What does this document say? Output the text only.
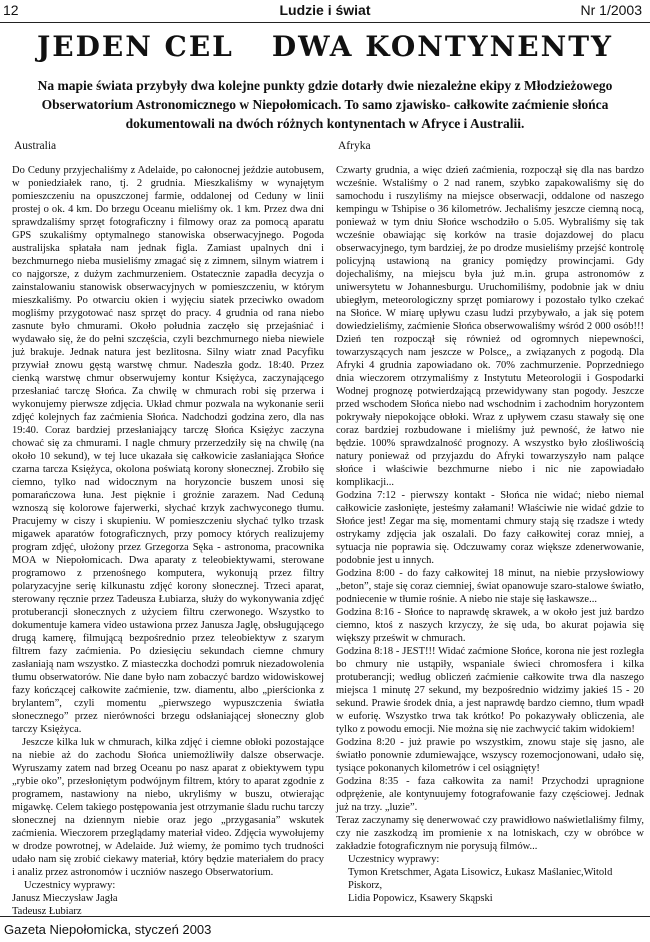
12	Ludzie i świat	Nr 1/2003
JEDEN CEL DWA KONTYNENTY
Na mapie świata przybyły dwa kolejne punkty gdzie dotarły dwie niezależne ekipy z Młodzieżowego Obserwatorium Astronomicznego w Niepołomicach. To samo zjawisko- całkowite zaćmienie słońca dokumentowali na dwóch różnych kontynentach w Afryce i Australii.
Australia	Afryka

Do Ceduny przyjechaliśmy z Adelaide, po całonocnej jeździe autobusem, w poniedziałek rano, tj. 2 grudnia. Mieszkaliśmy w wynajętym pomieszczeniu na opuszczonej farmie, oddalonej od Ceduny w linii prostej o ok. 4 km. Do brzegu Oceanu mieliśmy ok. 1 km. Przez dwa dni sprawdzaliśmy sprzęt fotograficzny i filmowy oraz za pomocą aparatu GPS szukaliśmy optymalnego stanowiska obserwacyjnego. Pogoda australijska spłatała nam jednak figla. Zamiast upalnych dni i bezchmurnego nieba musieliśmy zmagać się z zimnem, silnym wiatrem i co najgorsze, z dużym zachmurzeniem. Ostatecznie zapadła decyzja o zainstalowaniu stanowisk obserwacyjnych w pomieszczeniu, w którym mieszkaliśmy. Po otwarciu okien i wyjęciu siatek przeciwko owadom mogliśmy przygotować nasz sprzęt do pracy. 4 grudnia od rana niebo zasnute było chmurami. Około południa zaczęło się przejaśniać i wydawało się, że do pełni szczęścia, czyli bezchmurnego nieba niewiele już brakuje. Jednak natura jest bezlitosna. Silny wiatr znad Pacyfiku przywiał znowu gęstą warstwę chmur. Nadeszła godz. 18:40. Przez cienką warstwę chmur obserwujemy kontur Księżyca, zaczynającego przesłaniać tarczę Słońca. Za chwilę w chmurach robi się przerwa i wykonujemy pierwsze zdjęcia. Układ chmur pozwala na wykonanie serii zdjęć kolejnych faz zaćmienia Słońca. Nadchodzi godzina zero, dla nas 19:40. Coraz bardziej przesłaniający tarczę Słońca Księżyc zaczyna chować się za chmurami. I nagle chmury przerzedziły się na chwilę (na około 10 sekund), w tej luce ukazała się całkowicie zasłaniająca Słońce czarna tarcza Księżyca, okolona poświatą korony słonecznej. Zrobiło się ciemno, tylko nad widocznym na horyzoncie buszem unosi się pomarańczowa łuna. Jest pięknie i groźnie zarazem. Nad Ceduną wznoszą się kolorowe fajerwerki, słychać krzyk zachwyconego tłumu. Pracujemy w ciszy i skupieniu. W pomieszczeniu słychać tylko trzask migawek aparatów fotograficznych, przy pomocy których realizujemy program zdjęć, ułożony przez Grzegorza Sęka - astronoma, pracownika MOA w Niepołomicach. Dwa aparaty z teleobiektywami, sterowane programowo z przenośnego komputera, wykonują przez filtry polaryzacyjne serię kilkunastu zdjęć korony słonecznej. Trzeci aparat, sterowany ręcznie przez Tadeusza Łubiarza, służy do wykonywania zdjęć protuberancji słonecznych z użyciem filtru czerwonego. Wszystko to dokumentuje kamera video ustawiona przez Janusza Jaglę, obsługującego drugą kamerę, filmującą bezpośrednio przez teleobiektyw z szarym filtrem fazy zaćmienia. Po dziesięciu sekundach ciemne chmury zasłaniają nam wszystko. Z miasteczka dochodzi pomruk niezadowolenia tłumu obserwatorów. Nie dane było nam zobaczyć bardzo widowiskowej fazy kończącej całkowite zaćmienie, tzw. diamentu, albo „pierścionka z brylantem”, czyli momentu „pierwszego wypuszczenia światła słonecznego” przez nierówności brzegu odsłaniającej słoneczny glob tarczy Księżyca.

Jeszcze kilka luk w chmurach, kilka zdjęć i ciemne obłoki pozostające na niebie aż do zachodu Słońca uniemożliwiły dalsze obserwacje. Wyruszamy zatem nad brzeg Oceanu po nasz aparat z obiektywem typu „rybie oko”, przesłoniętym podwójnym filtrem, który to aparat zgodnie z programem, nastawiony na niebo, ukryliśmy w buszu, otwierając migawkę. Celem takiego postępowania jest otrzymanie śladu ruchu tarczy słonecznej na dziennym niebie oraz jego „przygasania” wskutek zaćmienia. Wieczorem przeglądamy materiał video. Zdjęcia wywołujemy w drodze powrotnej, w Adelaide. Już wiemy, że pomimo tych trudności udało nam się zrobić ciekawy materiał, który będzie materiałem do pracy i analiz przez astronomów i uczniów naszego Obserwatorium.

Uczestnicy wyprawy:

Janusz Mieczysław Jagła

Tadeusz Łubiarz

Czwarty grudnia, a więc dzień zaćmienia, rozpoczął się dla nas bardzo wcześnie. Wstaliśmy o 2 nad ranem, szybko zapakowaliśmy się do samochodu i ruszyliśmy na miejsce obserwacji, oddalone od naszego kempingu w Tshipise o 36 kilometrów. Jechaliśmy jeszcze ciemną nocą, ponieważ w tym dniu Słońce wschodziło o 5.05. Wybraliśmy się tak wcześnie obawiając się korków na trasie dojazdowej do placu obserwacyjnego, tym bardziej, że po drodze musieliśmy przejść kontrolę policyjną ustawioną na granicy pomiędzy prowincjami. Gdy dojechaliśmy, na miejscu była już m.in. grupa astronomów z uniwersytetu w Johannesburgu. Uruchomiliśmy, podobnie jak w dniu ubiegłym, meteorologiczny sprzęt pomiarowy i pozostało tylko czekać na Słońce. W miarę upływu czasu ludzi przybywało, a jak się potem dowiedzieliśmy, zaćmienie Słońca obserwowaliśmy wśród 2 000 osób!!! Dzień ten rozpoczął się również od ogromnych niepewności, towarzyszących nam jeszcze w Polsce,, a związanych z pogodą. Dla Afryki 4 grudnia zapowiadano ok. 70% zachmurzenie. Poprzedniego dnia wieczorem otrzymaliśmy z Instytutu Meteorologii i Gospodarki Wodnej prognozę potwierdzającą przewidywany stan pogody. Jeszcze przed wschodem Słońca niebo nad wschodnim i zachodnim horyzontem pokrywały niepokojące obłoki. Wraz z upływem czasu stawały się one coraz bardziej rozbudowane i mieliśmy już pewność, że łatwo nie będzie. 100% sprawdzalność prognozy. A wszystko było złośliwością natury ponieważ od przyjazdu do Afryki towarzyszyło nam palące słońce i właściwie bezchmurne niebo i nic nie zapowiadało komplikacji...

Godzina 7:12 - pierwszy kontakt - Słońca nie widać; niebo niemal całkowicie zasłonięte, jesteśmy załamani! Właściwie nie widać gdzie to Słońce jest! Zegar ma się, momentami chmury stają się rzadsze i wtedy ostrykamy zdjęcia jak oszalali. Do fazy całkowitej coraz mniej, a sytuacja nie poprawia się. Odczuwamy coraz większe zdenerwowanie, podobnie jest u innych.

Godzina 8:00 - do fazy całkowitej 18 minut, na niebie przysłowiowy „beton”, staje się coraz ciemniej, świat opanowuje szaro-stalowe światło, podniecenie w tłumie rośnie. A niebo nie staje się łaskawsze...

Godzina 8:16 - Słońce to naprawdę skrawek, a w około jest już bardzo ciemno, ktoś z naszych krzyczy, że się uda, bo akurat pojawia się większy prześwit w chmurach.

Godzina 8:18 - JEST!!! Widać zaćmione Słońce, korona nie jest rozległa bo chmury nie ustąpiły, wspaniale świeci chromosfera i kilka protuberancji; według obliczeń zaćmienie całkowite trwa dla naszego miejsca 1 minutę 27 sekund, my bezpośrednio widzimy jakieś 15 - 20 sekund. Prawie środek dnia, a jest naprawdę bardzo ciemno, tłum wpadł w euforię. Wszystko trwa tak krótko! Po pokazywały obliczenia, ale tylko z powodu emocji. Nie można się nie zachwycić takim widokiem!

Godzina 8:20 - już prawie po wszystkim, znowu staje się jasno, ale światło ponownie zdumiewające, wszyscy rozemocjonowani, udało się, tysiące pokonanych kilometrów i cel osiągnięty!

Godzina 8:35 - faza całkowita za nami! Przychodzi upragnione odprężenie, ale kontynuujemy fotografowanie fazy częściowej. Jednak już na trzy. „luzie”.

Teraz zaczynamy się denerwować czy prawidłowo naświetlaliśmy filmy, czy nie zaszkodzą im promienie x na lotniskach, czy w obróbce w zakładzie fotograficznym nie porysują filmów...

Uczestnicy wyprawy:

Tymon Kretschmer, Agata Lisowicz, Łukasz Maślaniec,Witold Piskorz,

Lidia Popowicz, Ksawery Skąpski

Gazeta Niepołomicka, styczeń 2003
